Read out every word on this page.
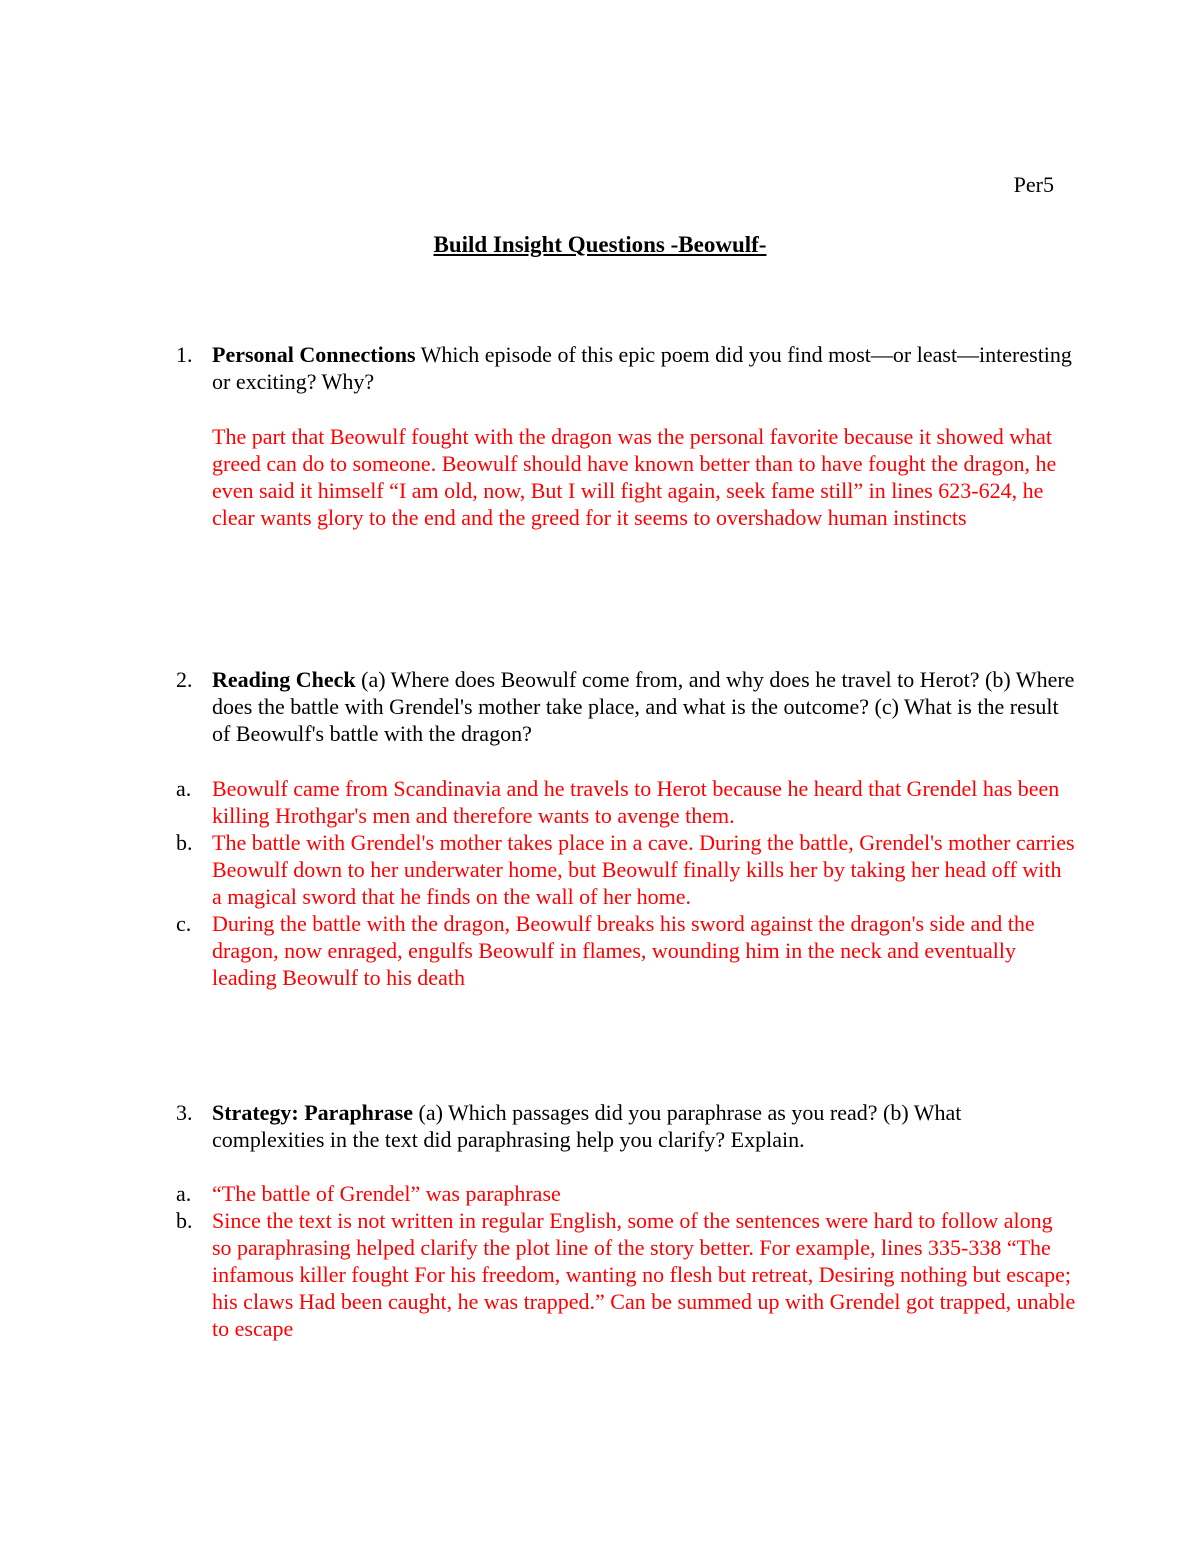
Per5
Build Insight Questions -Beowulf-
1. Personal Connections Which episode of this epic poem did you find most—or least—interesting or exciting? Why?
The part that Beowulf fought with the dragon was the personal favorite because it showed what greed can do to someone. Beowulf should have known better than to have fought the dragon, he even said it himself “I am old, now, But I will fight again, seek fame still” in lines 623-624, he clear wants glory to the end and the greed for it seems to overshadow human instincts
2. Reading Check (a) Where does Beowulf come from, and why does he travel to Herot? (b) Where does the battle with Grendel's mother take place, and what is the outcome? (c) What is the result of Beowulf's battle with the dragon?
a. Beowulf came from Scandinavia and he travels to Herot because he heard that Grendel has been killing Hrothgar's men and therefore wants to avenge them.
b. The battle with Grendel's mother takes place in a cave. During the battle, Grendel's mother carries Beowulf down to her underwater home, but Beowulf finally kills her by taking her head off with a magical sword that he finds on the wall of her home.
c. During the battle with the dragon, Beowulf breaks his sword against the dragon's side and the dragon, now enraged, engulfs Beowulf in flames, wounding him in the neck and eventually leading Beowulf to his death
3. Strategy: Paraphrase (a) Which passages did you paraphrase as you read? (b) What complexities in the text did paraphrasing help you clarify? Explain.
a. “The battle of Grendel” was paraphrase
b. Since the text is not written in regular English, some of the sentences were hard to follow along so paraphrasing helped clarify the plot line of the story better. For example, lines 335-338 “The infamous killer fought For his freedom, wanting no flesh but retreat, Desiring nothing but escape; his claws Had been caught, he was trapped.” Can be summed up with Grendel got trapped, unable to escape
